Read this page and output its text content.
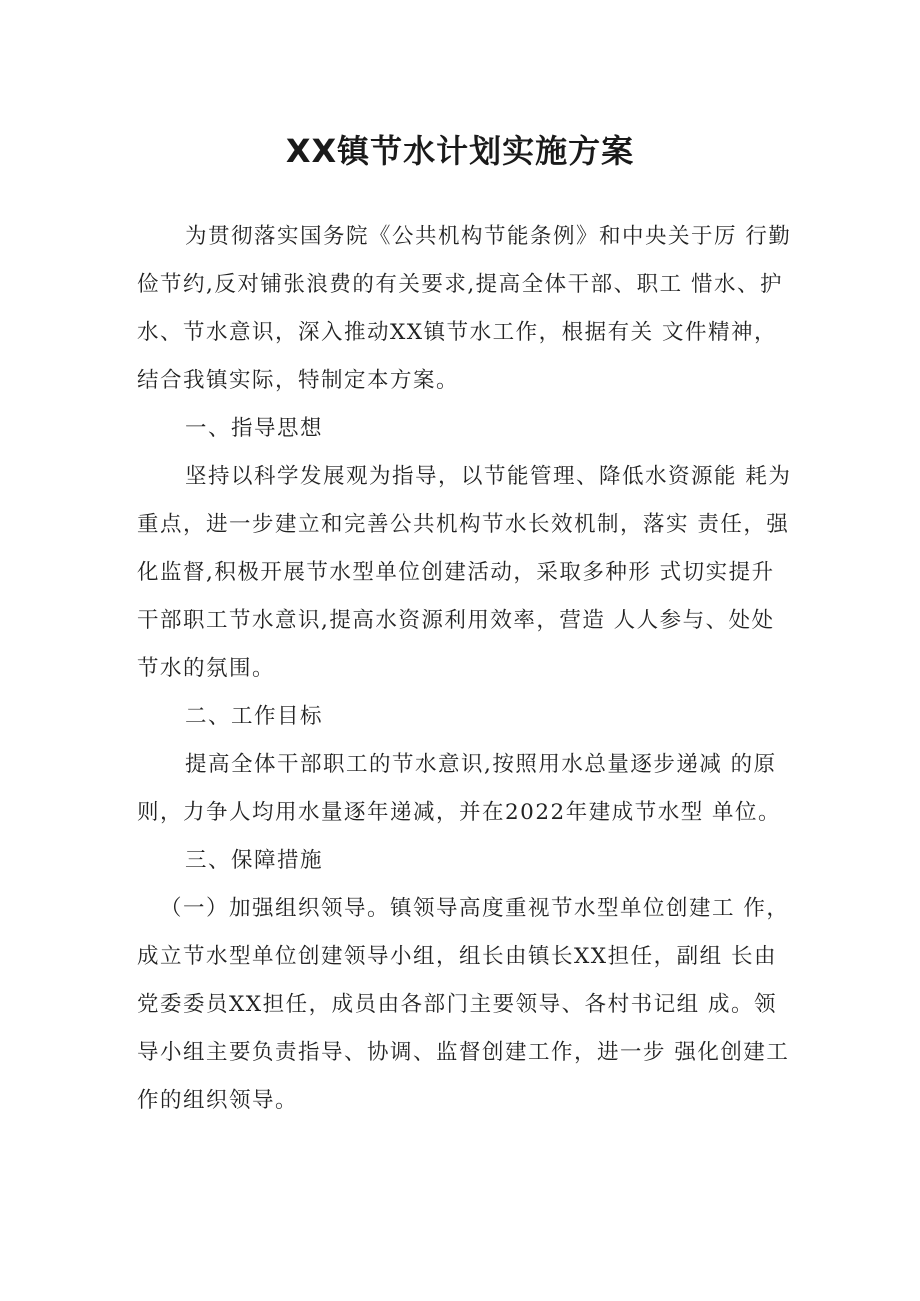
XX镇节水计划实施方案

为贯彻落实国务院《公共机构节能条例》和中央关于厉 行勤

俭节约,反对铺张浪费的有关要求,提高全体干部、职工 惜水、护

水、节水意识，深入推动XX镇节水工作，根据有关 文件精神，

结合我镇实际，特制定本方案。

一、指导思想

坚持以科学发展观为指导，以节能管理、降低水资源能 耗为

重点，进一步建立和完善公共机构节水长效机制，落实 责任，强

化监督,积极开展节水型单位创建活动，采取多种形 式切实提升

干部职工节水意识,提高水资源利用效率，营造 人人参与、处处

节水的氛围。

二、工作目标

提高全体干部职工的节水意识,按照用水总量逐步递减 的原

则，力争人均用水量逐年递减，并在2022年建成节水型 单位。

三、保障措施

（一）加强组织领导。镇领导高度重视节水型单位创建工 作，

成立节水型单位创建领导小组，组长由镇长XX担任，副组 长由

党委委员XX担任，成员由各部门主要领导、各村书记组 成。领

导小组主要负责指导、协调、监督创建工作，进一步 强化创建工

作的组织领导。
